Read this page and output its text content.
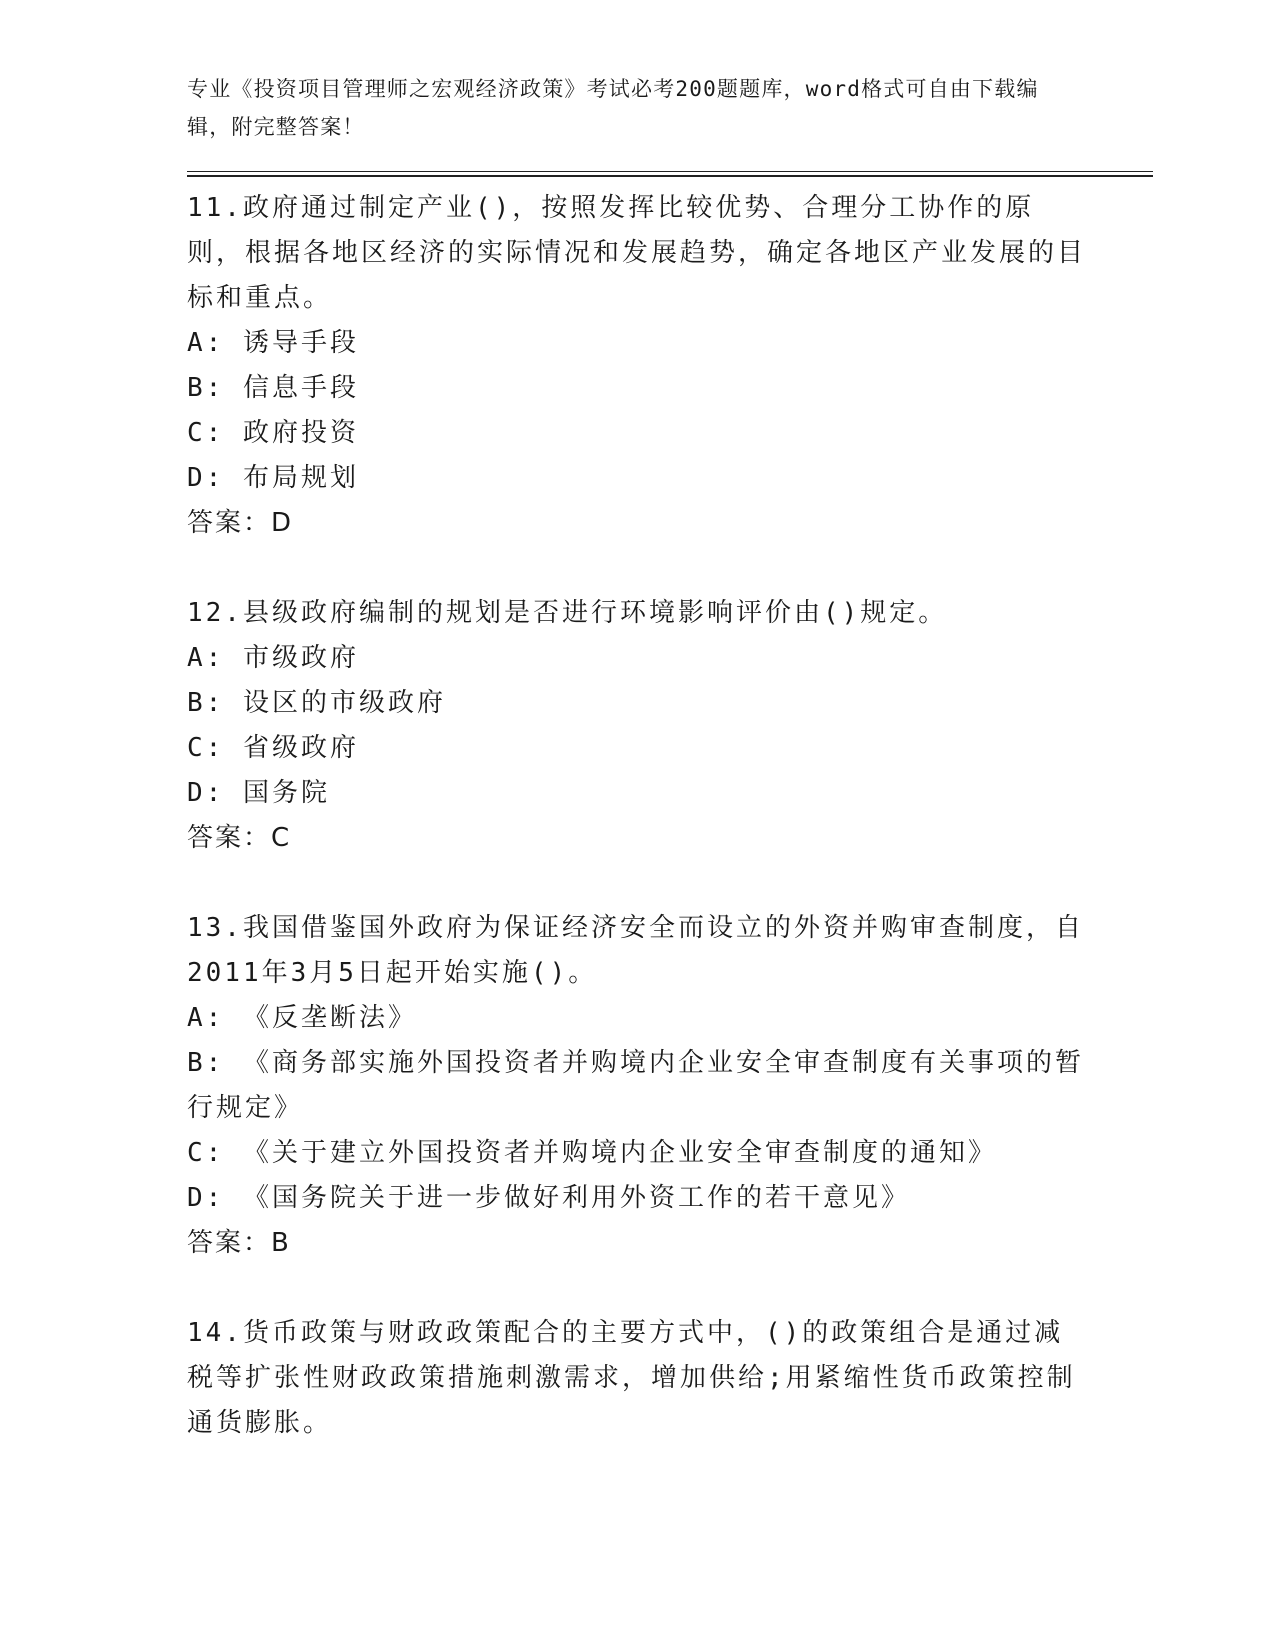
专业《投资项目管理师之宏观经济政策》考试必考200题题库，word格式可自由下载编辑，附完整答案！

11.政府通过制定产业()，按照发挥比较优势、合理分工协作的原则，根据各地区经济的实际情况和发展趋势，确定各地区产业发展的目标和重点。

A: 诱导手段

B: 信息手段

C: 政府投资

D: 布局规划

答案：D

12.县级政府编制的规划是否进行环境影响评价由()规定。

A: 市级政府

B: 设区的市级政府

C: 省级政府

D: 国务院

答案：C

13.我国借鉴国外政府为保证经济安全而设立的外资并购审查制度，自2011年3月5日起开始实施()。

A: 《反垄断法》

B: 《商务部实施外国投资者并购境内企业安全审查制度有关事项的暂行规定》

C: 《关于建立外国投资者并购境内企业安全审查制度的通知》

D: 《国务院关于进一步做好利用外资工作的若干意见》

答案：B

14.货币政策与财政政策配合的主要方式中，()的政策组合是通过减税等扩张性财政政策措施刺激需求，增加供给;用紧缩性货币政策控制通货膨胀。
